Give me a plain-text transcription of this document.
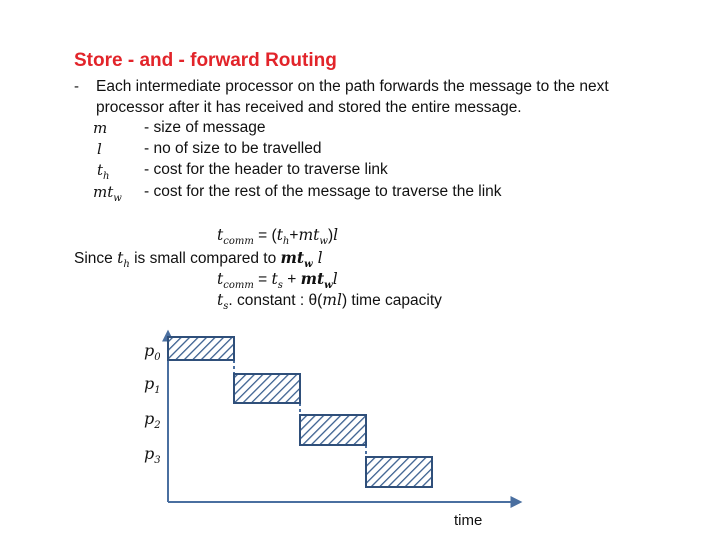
Store - and - forward Routing
- Each intermediate processor on the path forwards the message to the next processor after it has received and stored the entire message.
m - size of message
l	- no of size to be travelled
$t_h$ - cost for the header to traverse link
$mt_w$ - cost for the rest of the message to traverse the link
$t_{comm} = (t_h+mt_w)l$
Since $t_h$ is small compared to $mt_w$ l
$t_{comm} = t_s + mt_wl$
$t_s$. constant : θ(ml) time capacity
$p_0$
$p_1$
$p_2$
$p_3$
time
